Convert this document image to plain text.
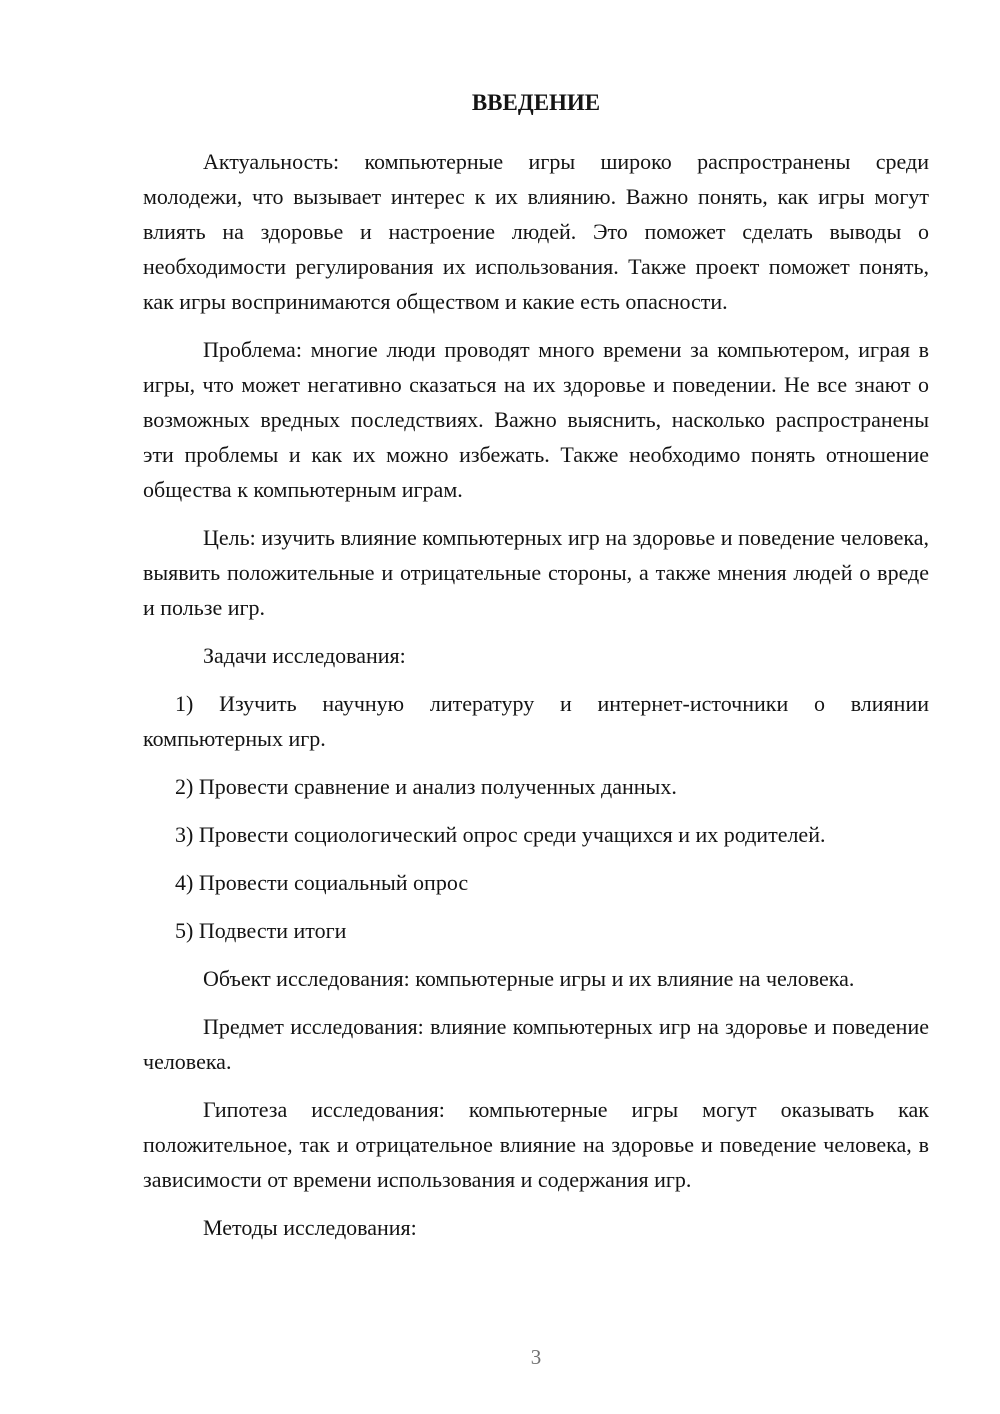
ВВЕДЕНИЕ

Актуальность: компьютерные игры широко распространены среди молодежи, что вызывает интерес к их влиянию. Важно понять, как игры могут влиять на здоровье и настроение людей. Это поможет сделать выводы о необходимости регулирования их использования. Также проект поможет понять, как игры воспринимаются обществом и какие есть опасности.

Проблема: многие люди проводят много времени за компьютером, играя в игры, что может негативно сказаться на их здоровье и поведении. Не все знают о возможных вредных последствиях. Важно выяснить, насколько распространены эти проблемы и как их можно избежать. Также необходимо понять отношение общества к компьютерным играм.

Цель: изучить влияние компьютерных игр на здоровье и поведение человека, выявить положительные и отрицательные стороны, а также мнения людей о вреде и пользе игр.

Задачи исследования:

1) Изучить научную литературу и интернет-источники о влиянии компьютерных игр.

2) Провести сравнение и анализ полученных данных.

3) Провести социологический опрос среди учащихся и их родителей.

4) Провести социальный опрос

5) Подвести итоги

Объект исследования: компьютерные игры и их влияние на человека.

Предмет исследования: влияние компьютерных игр на здоровье и поведение человека.

Гипотеза исследования: компьютерные игры могут оказывать как положительное, так и отрицательное влияние на здоровье и поведение человека, в зависимости от времени использования и содержания игр.

Методы исследования:

3
